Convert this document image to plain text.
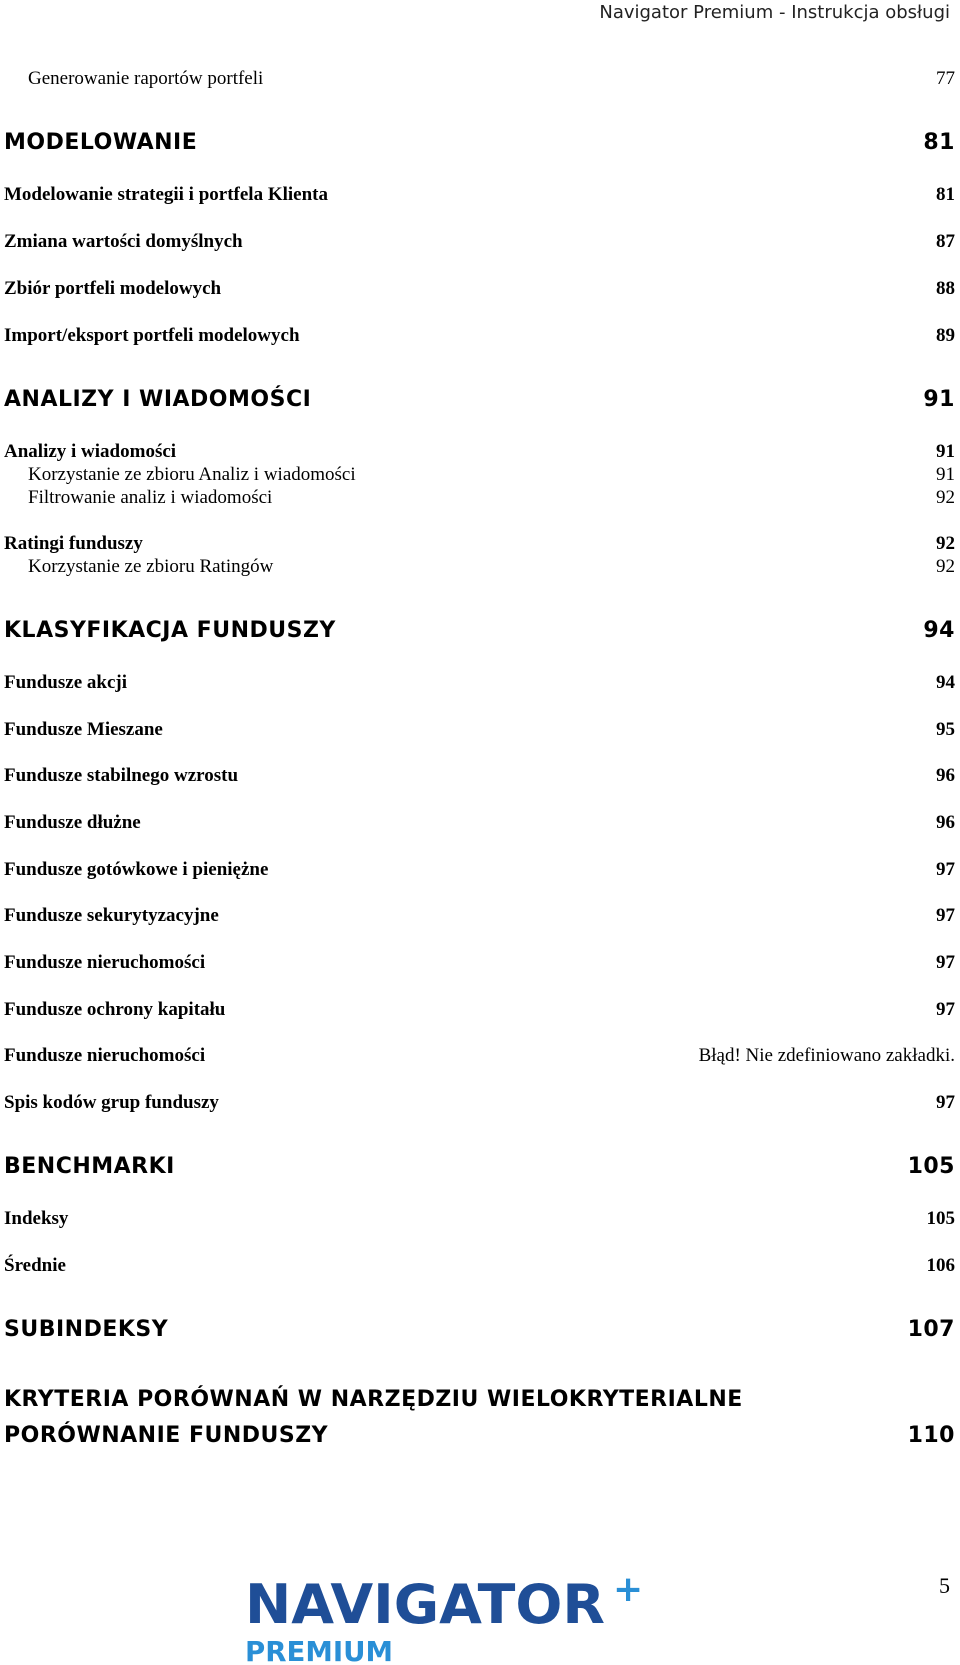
Navigator Premium - Instrukcja obsługi
Generowanie raportów portfeli	77
MODELOWANIE	81
Modelowanie strategii i portfela Klienta	81
Zmiana wartości domyślnych	87
Zbiór portfeli modelowych	88
Import/eksport portfeli modelowych	89
ANALIZY I WIADOMOŚCI	91
Analizy i wiadomości	91
Korzystanie ze zbioru Analiz i wiadomości	91
Filtrowanie analiz i wiadomości	92
Ratingi funduszy	92
Korzystanie ze zbioru Ratingów	92
KLASYFIKACJA FUNDUSZY	94
Fundusze akcji	94
Fundusze Mieszane	95
Fundusze stabilnego wzrostu	96
Fundusze dłużne	96
Fundusze gotówkowe i pieniężne	97
Fundusze sekurytyzacyjne	97
Fundusze nieruchomości	97
Fundusze ochrony kapitału	97
Fundusze nieruchomości	Błąd! Nie zdefiniowano zakładki.
Spis kodów grup funduszy	97
BENCHMARKI	105
Indeksy	105
Średnie	106
SUBINDEKSY	107
KRYTERIA PORÓWNAŃ W NARZĘDZIU WIELOKRYTERIALNE
PORÓWNANIE FUNDUSZY	110
NAVIGATOR +
PREMIUM
5
